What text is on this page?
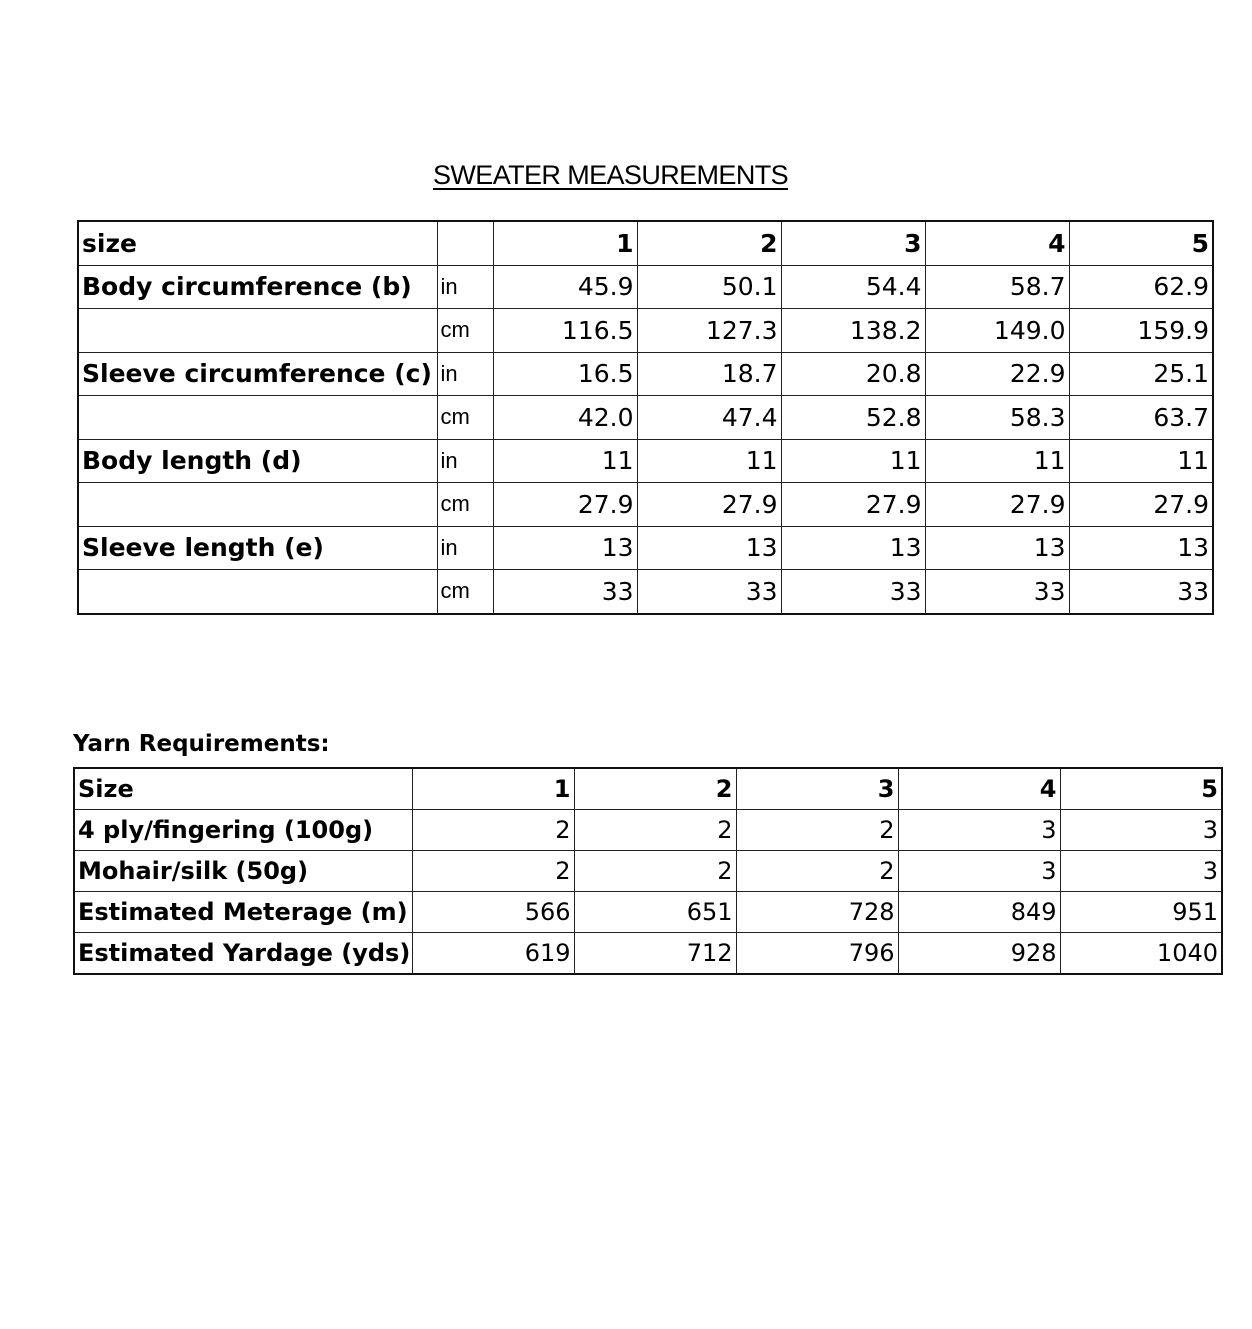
SWEATER MEASUREMENTS
size		1	2	3	4	5
Body circumference (b)	in	45.9	50.1	54.4	58.7	62.9
	cm	116.5	127.3	138.2	149.0	159.9
Sleeve circumference (c)	in	16.5	18.7	20.8	22.9	25.1
	cm	42.0	47.4	52.8	58.3	63.7
Body length (d)	in	11	11	11	11	11
	cm	27.9	27.9	27.9	27.9	27.9
Sleeve length (e)	in	13	13	13	13	13
	cm	33	33	33	33	33
Yarn Requirements:
Size	1	2	3	4	5
4 ply/fingering (100g)	2	2	2	3	3
Mohair/silk (50g)	2	2	2	3	3
Estimated Meterage (m)	566	651	728	849	951
Estimated Yardage (yds)	619	712	796	928	1040
